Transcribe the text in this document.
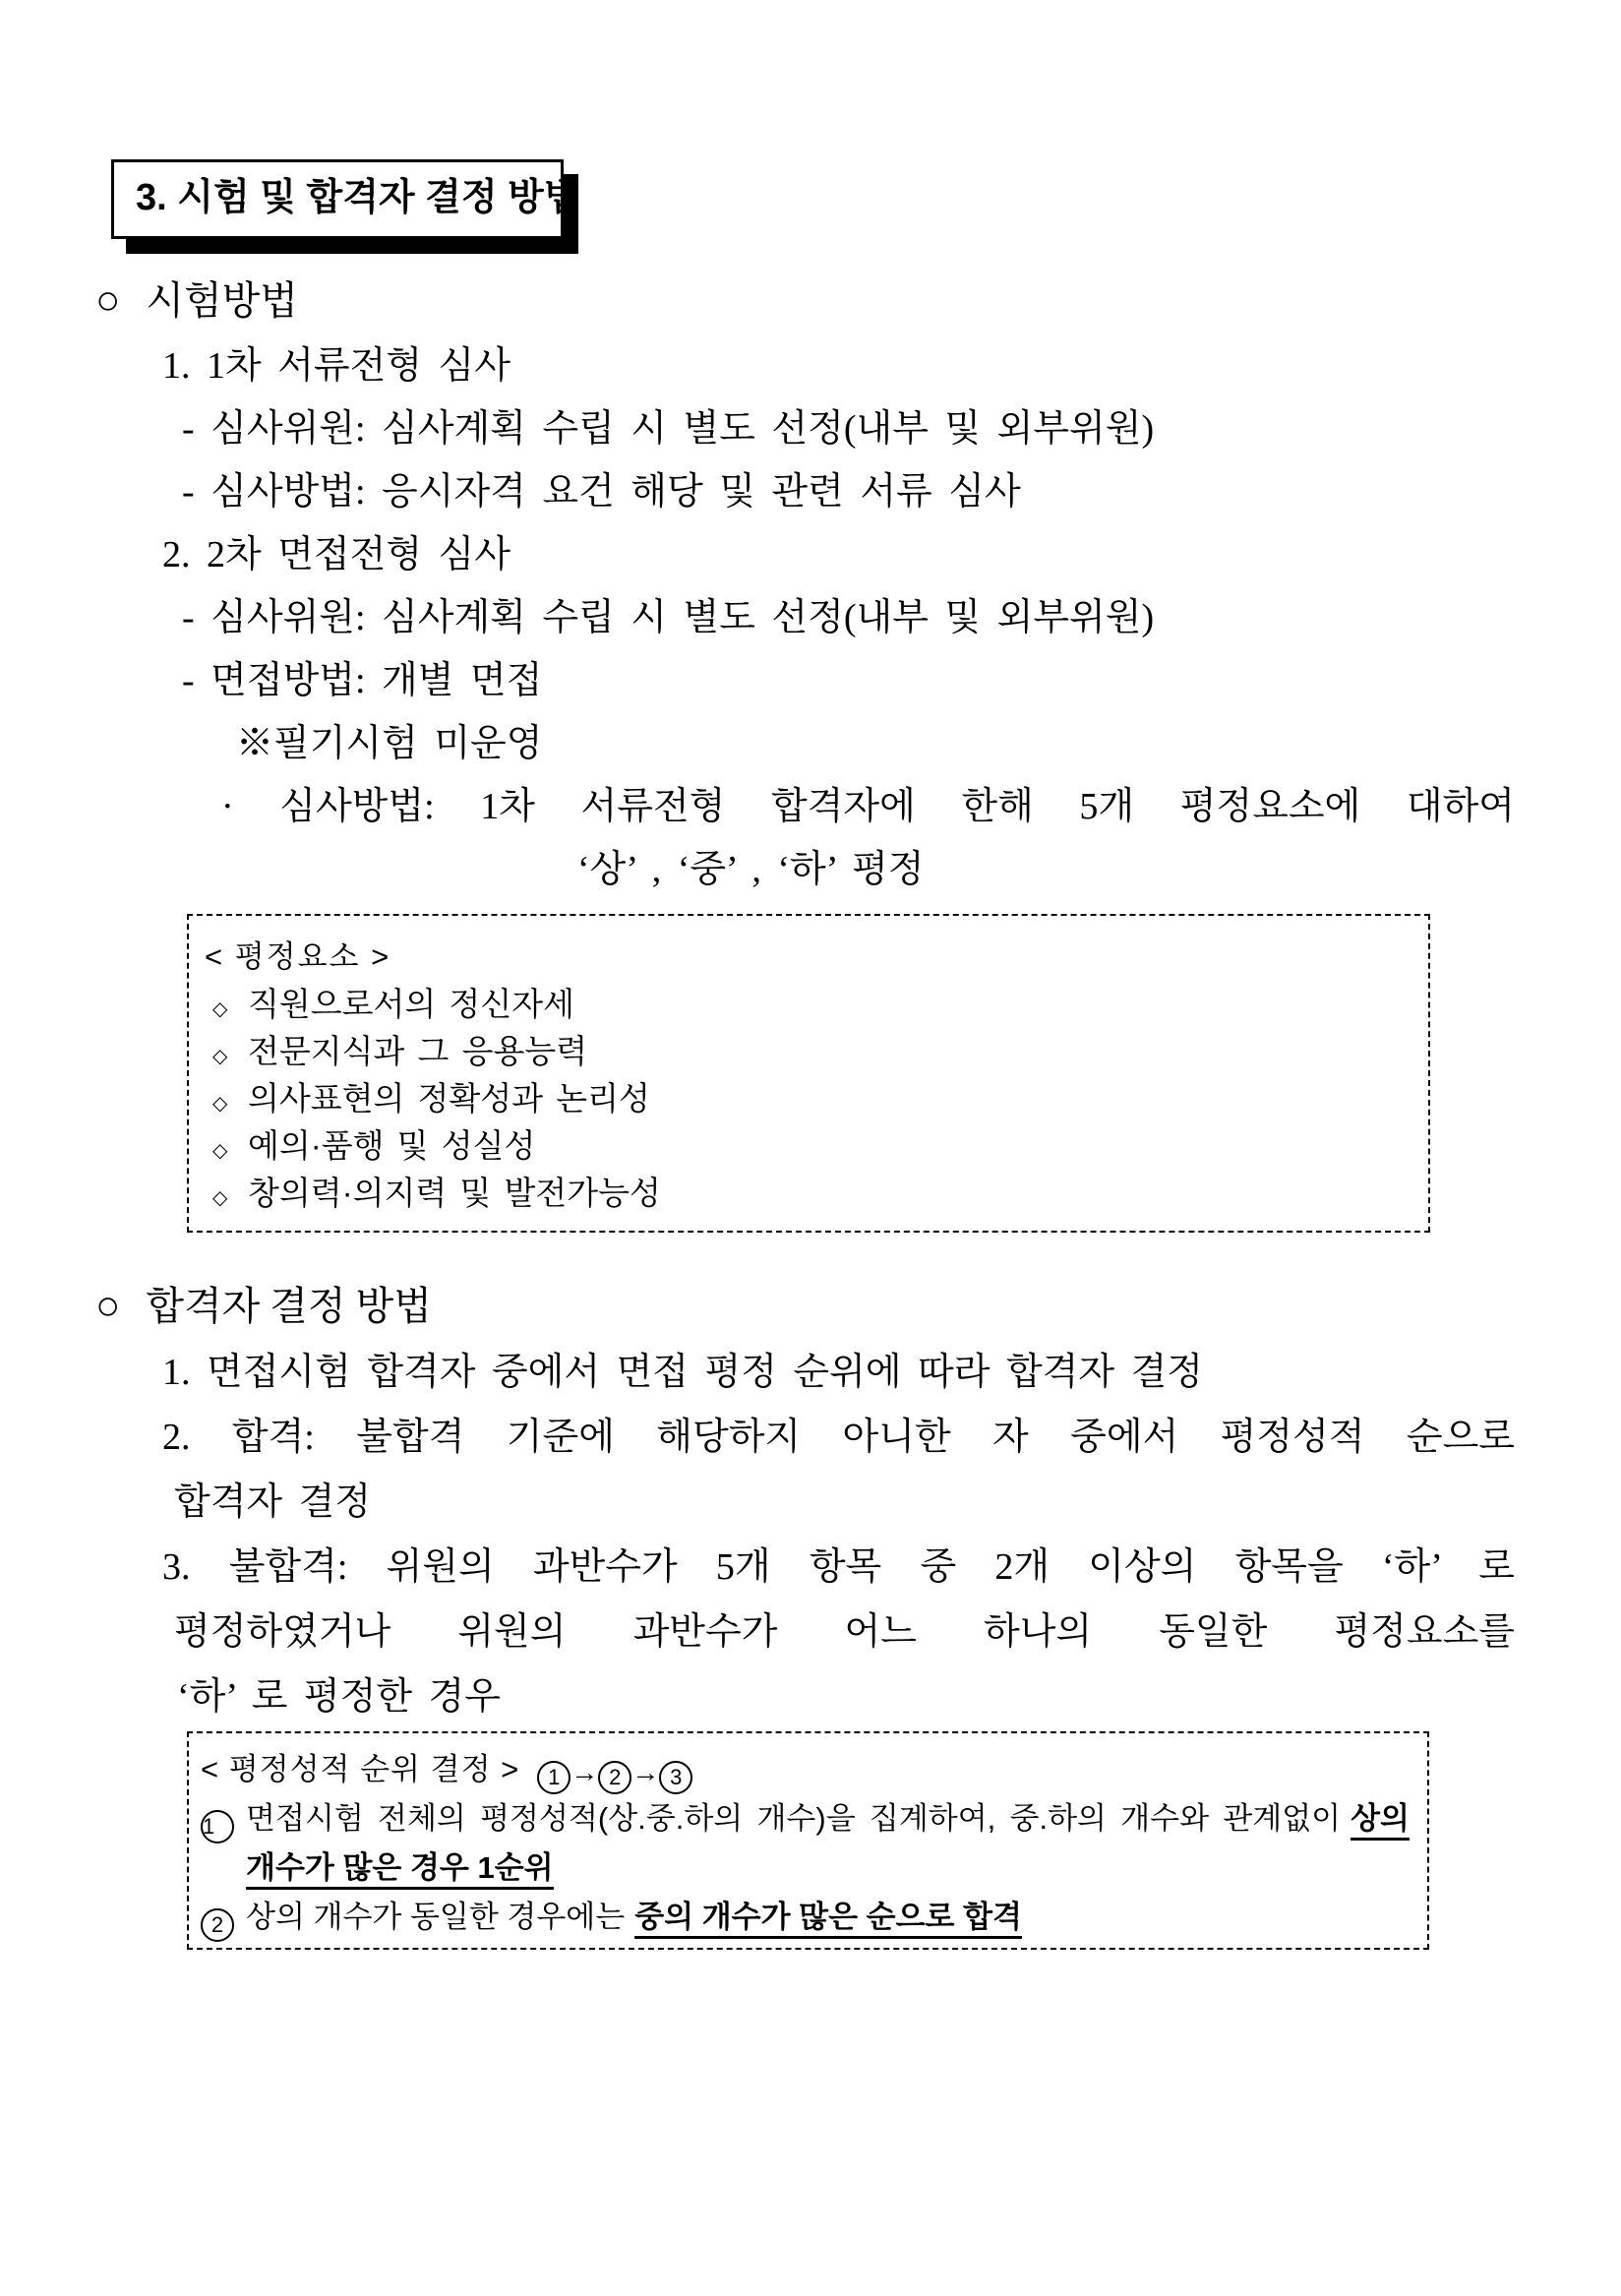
3. 시험 및 합격자 결정 방법
○ 시험방법
1. 1차 서류전형 심사
- 심사위원: 심사계획 수립 시 별도 선정(내부 및 외부위원)
- 심사방법: 응시자격 요건 해당 및 관련 서류 심사
2. 2차 면접전형 심사
- 심사위원: 심사계획 수립 시 별도 선정(내부 및 외부위원)
- 면접방법: 개별 면접
※필기시험 미운영
· 심사방법: 1차 서류전형 합격자에 한해 5개 평정요소에 대하여
‘상’ , ‘중’ , ‘하’ 평정
< 평정요소 >
◇ 직원으로서의 정신자세
◇ 전문지식과 그 응용능력
◇ 의사표현의 정확성과 논리성
◇ 예의·품행 및 성실성
◇ 창의력·의지력 및 발전가능성
○ 합격자 결정 방법
1. 면접시험 합격자 중에서 면접 평정 순위에 따라 합격자 결정
2. 합격: 불합격 기준에 해당하지 아니한 자 중에서 평정성적 순으로
합격자 결정
3. 불합격: 위원의 과반수가 5개 항목 중 2개 이상의 항목을 ‘하’ 로
평정하였거나 위원의 과반수가 어느 하나의 동일한 평정요소를
‘하’ 로 평정한 경우
< 평정성적 순위 결정 > 1 → 2 → 3
1 면접시험 전체의 평정성적(상.중.하의 개수)을 집계하여, 중.하의 개수와 관계없이 상의
개수가 많은 경우 1순위
2 상의 개수가 동일한 경우에는 중의 개수가 많은 순으로 합격
